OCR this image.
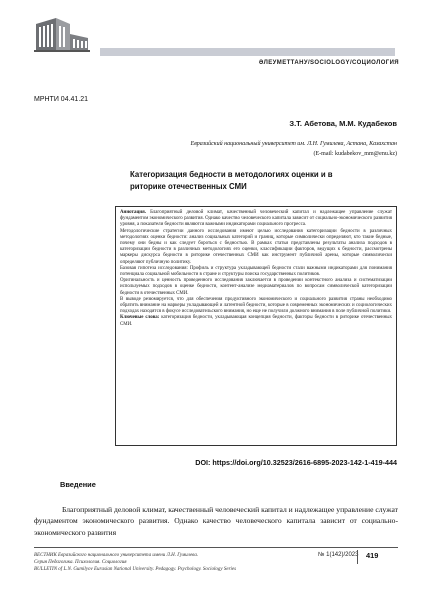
ӘЛЕУМЕТТАНУ/SOCIOLOGY/СОЦИОЛОГИЯ
МРНТИ 04.41.21
З.Т. Абетова, М.М. Кудабеков
Евразийский национальный университет им. Л.Н. Гумилева, Астана, Казахстан
(E-mail: kudabekov_mm@enu.kz)
Категоризация бедности в методологиях оценки и в
риторике отечественных СМИ

Аннотация. Благоприятный деловой климат, качественный человеческий капитал и надлежащее управление служат фундаментом экономического развития. Однако качество человеческого капитала зависит от социально-экономического развития уровня, а показатели бедности являются важными индикаторами социального прогресса.

Методологические стратегии данного исследования имеют целью исследования категоризации бедности в различных методологиях оценки бедности: анализ социальных категорий и границ, которые символически определяют, кто такие бедные, почему они бедны и как следует бороться с бедностью. В рамках статьи представлены результаты анализа подходов в категоризации бедности в различных методологиях его оценки, классификации факторов, ведущих к бедности, рассмотрены маркеры дискурса бедности в риторике отечественных СМИ как инструмент публичной арены, которые символически определяют публичную политику.

Базовая гипотеза исследования: Профиль и структура укладывающей бедности стали важными индикаторами для понимания потенциала социальной мобильности в стране и структуры поиска государственных политиков.

Оригинальность и ценность проведенного исследования заключается в проведении контекстного анализа и систематизации используемых подходов в оценке бедности, контент-анализе медиаматериалов по вопросам символической категоризации бедности в отечественных СМИ.

В выводе резюмируется, что для обеспечения продуктивного экономического и социального развития страны необходимо обратить внимание на маркеры укладывающей и латентной бедности, которые в современных экономических и социологических подходах находятся в фокусе исследовательского внимания, но еще не получили должного внимания в поле публичной политики.

Ключевые слова: категоризация бедности, укладывающая концепция бедности, факторы бедности в риторике отечественных СМИ.

DOI: https://doi.org/10.32523/2616-6895-2023-142-1-419-444
Введение

Благоприятный деловой климат, качественный человеческий капитал и надлежащее управление служат фундаментом экономического развития. Однако качество человеческого капитала зависит от социально-экономического развития

ВЕСТНИК Евразийского национального университета имени Л.Н. Гумилева.
Серия Педагогика. Психология. Социология
BULLETIN of L.N. Gumilyov Eurasian National University. Pedagogy. Psychology. Sociology Series
№ 1(142)/2023 419
